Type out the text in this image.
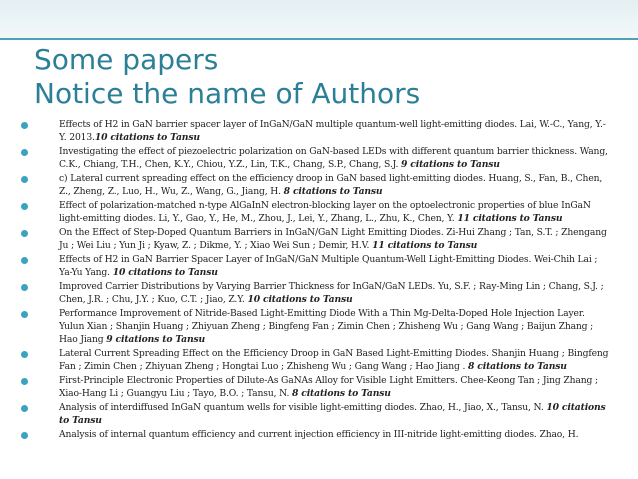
Some papers
Notice the name of Authors
Effects of H2 in GaN barrier spacer layer of InGaN/GaN multiple quantum-well light-emitting diodes. Lai, W.-C., Yang, Y.-Y. 2013.10 citations to Tansu
Investigating the effect of piezoelectric polarization on GaN-based LEDs with different quantum barrier thickness. Wang, C.K., Chiang, T.H., Chen, K.Y., Chiou, Y.Z., Lin, T.K., Chang, S.P., Chang, S.J. 9 citations to Tansu
c) Lateral current spreading effect on the efficiency droop in GaN based light-emitting diodes. Huang, S., Fan, B., Chen, Z., Zheng, Z., Luo, H., Wu, Z., Wang, G., Jiang, H. 8 citations to Tansu
Effect of polarization-matched n-type AlGaInN electron-blocking layer on the optoelectronic properties of blue InGaN light-emitting diodes. Li, Y., Gao, Y., He, M., Zhou, J., Lei, Y., Zhang, L., Zhu, K., Chen, Y. 11 citations to Tansu
On the Effect of Step-Doped Quantum Barriers in InGaN/GaN Light Emitting Diodes. Zi-Hui Zhang ; Tan, S.T. ; Zhengang Ju ; Wei Liu ; Yun Ji ; Kyaw, Z. ; Dikme, Y. ; Xiao Wei Sun ; Demir, H.V. 11 citations to Tansu
Effects of H2 in GaN Barrier Spacer Layer of InGaN/GaN Multiple Quantum-Well Light-Emitting Diodes. Wei-Chih Lai ; Ya-Yu Yang. 10 citations to Tansu
Improved Carrier Distributions by Varying Barrier Thickness for InGaN/GaN LEDs. Yu, S.F. ; Ray-Ming Lin ; Chang, S.J. ; Chen, J.R. ; Chu, J.Y. ; Kuo, C.T. ; Jiao, Z.Y. 10 citations to Tansu
Performance Improvement of Nitride-Based Light-Emitting Diode With a Thin Mg-Delta-Doped Hole Injection Layer. Yulun Xian ; Shanjin Huang ; Zhiyuan Zheng ; Bingfeng Fan ; Zimin Chen ; Zhisheng Wu ; Gang Wang ; Baijun Zhang ; Hao Jiang 9 citations to Tansu
Lateral Current Spreading Effect on the Efficiency Droop in GaN Based Light-Emitting Diodes. Shanjin Huang ; Bingfeng Fan ; Zimin Chen ; Zhiyuan Zheng ; Hongtai Luo ; Zhisheng Wu ; Gang Wang ; Hao Jiang . 8 citations to Tansu
First-Principle Electronic Properties of Dilute-As GaNAs Alloy for Visible Light Emitters. Chee-Keong Tan ; Jing Zhang ; Xiao-Hang Li ; Guangyu Liu ; Tayo, B.O. ; Tansu, N. 8 citations to Tansu
Analysis of interdiffused InGaN quantum wells for visible light-emitting diodes. Zhao, H., Jiao, X., Tansu, N. 10 citations to Tansu
Analysis of internal quantum efficiency and current injection efficiency in III-nitride light-emitting diodes. Zhao, H.
